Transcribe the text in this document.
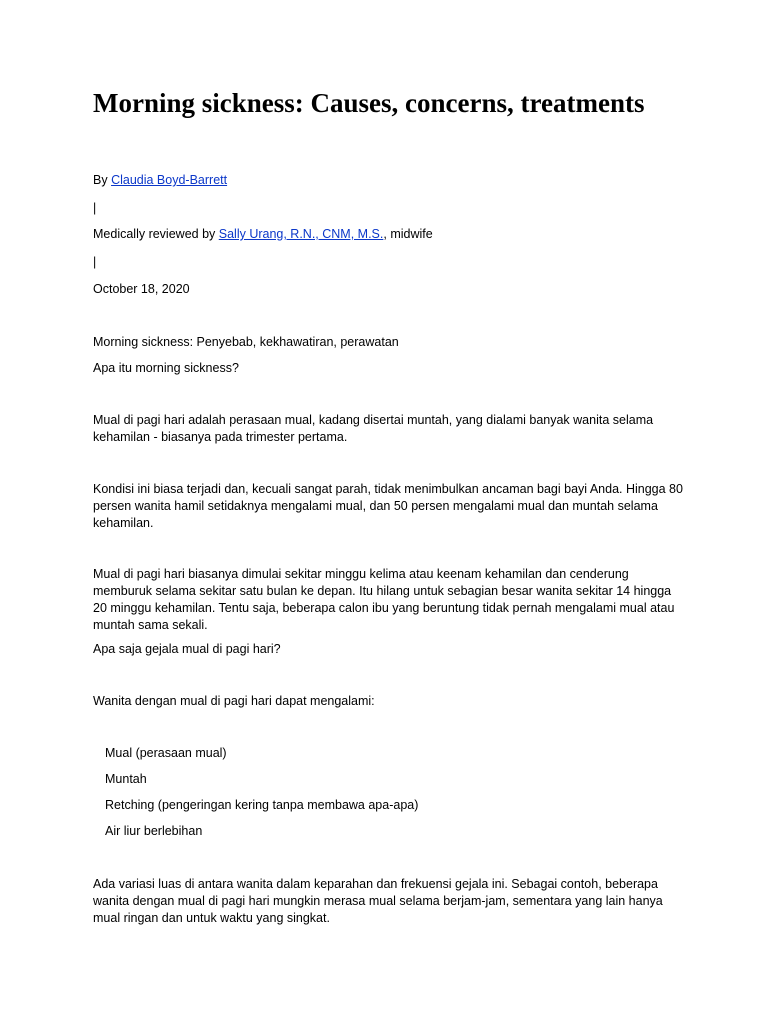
Morning sickness: Causes, concerns, treatments

By Claudia Boyd-Barrett

|

Medically reviewed by Sally Urang, R.N., CNM, M.S., midwife

|

October 18, 2020

Morning sickness: Penyebab, kekhawatiran, perawatan

Apa itu morning sickness?

Mual di pagi hari adalah perasaan mual, kadang disertai muntah, yang dialami banyak wanita selama kehamilan - biasanya pada trimester pertama.

Kondisi ini biasa terjadi dan, kecuali sangat parah, tidak menimbulkan ancaman bagi bayi Anda. Hingga 80 persen wanita hamil setidaknya mengalami mual, dan 50 persen mengalami mual dan muntah selama kehamilan.

Mual di pagi hari biasanya dimulai sekitar minggu kelima atau keenam kehamilan dan cenderung memburuk selama sekitar satu bulan ke depan. Itu hilang untuk sebagian besar wanita sekitar 14 hingga 20 minggu kehamilan. Tentu saja, beberapa calon ibu yang beruntung tidak pernah mengalami mual atau muntah sama sekali.

Apa saja gejala mual di pagi hari?

Wanita dengan mual di pagi hari dapat mengalami:

Mual (perasaan mual)

Muntah

Retching (pengeringan kering tanpa membawa apa-apa)

Air liur berlebihan

Ada variasi luas di antara wanita dalam keparahan dan frekuensi gejala ini. Sebagai contoh, beberapa wanita dengan mual di pagi hari mungkin merasa mual selama berjam-jam, sementara yang lain hanya mual ringan dan untuk waktu yang singkat.
